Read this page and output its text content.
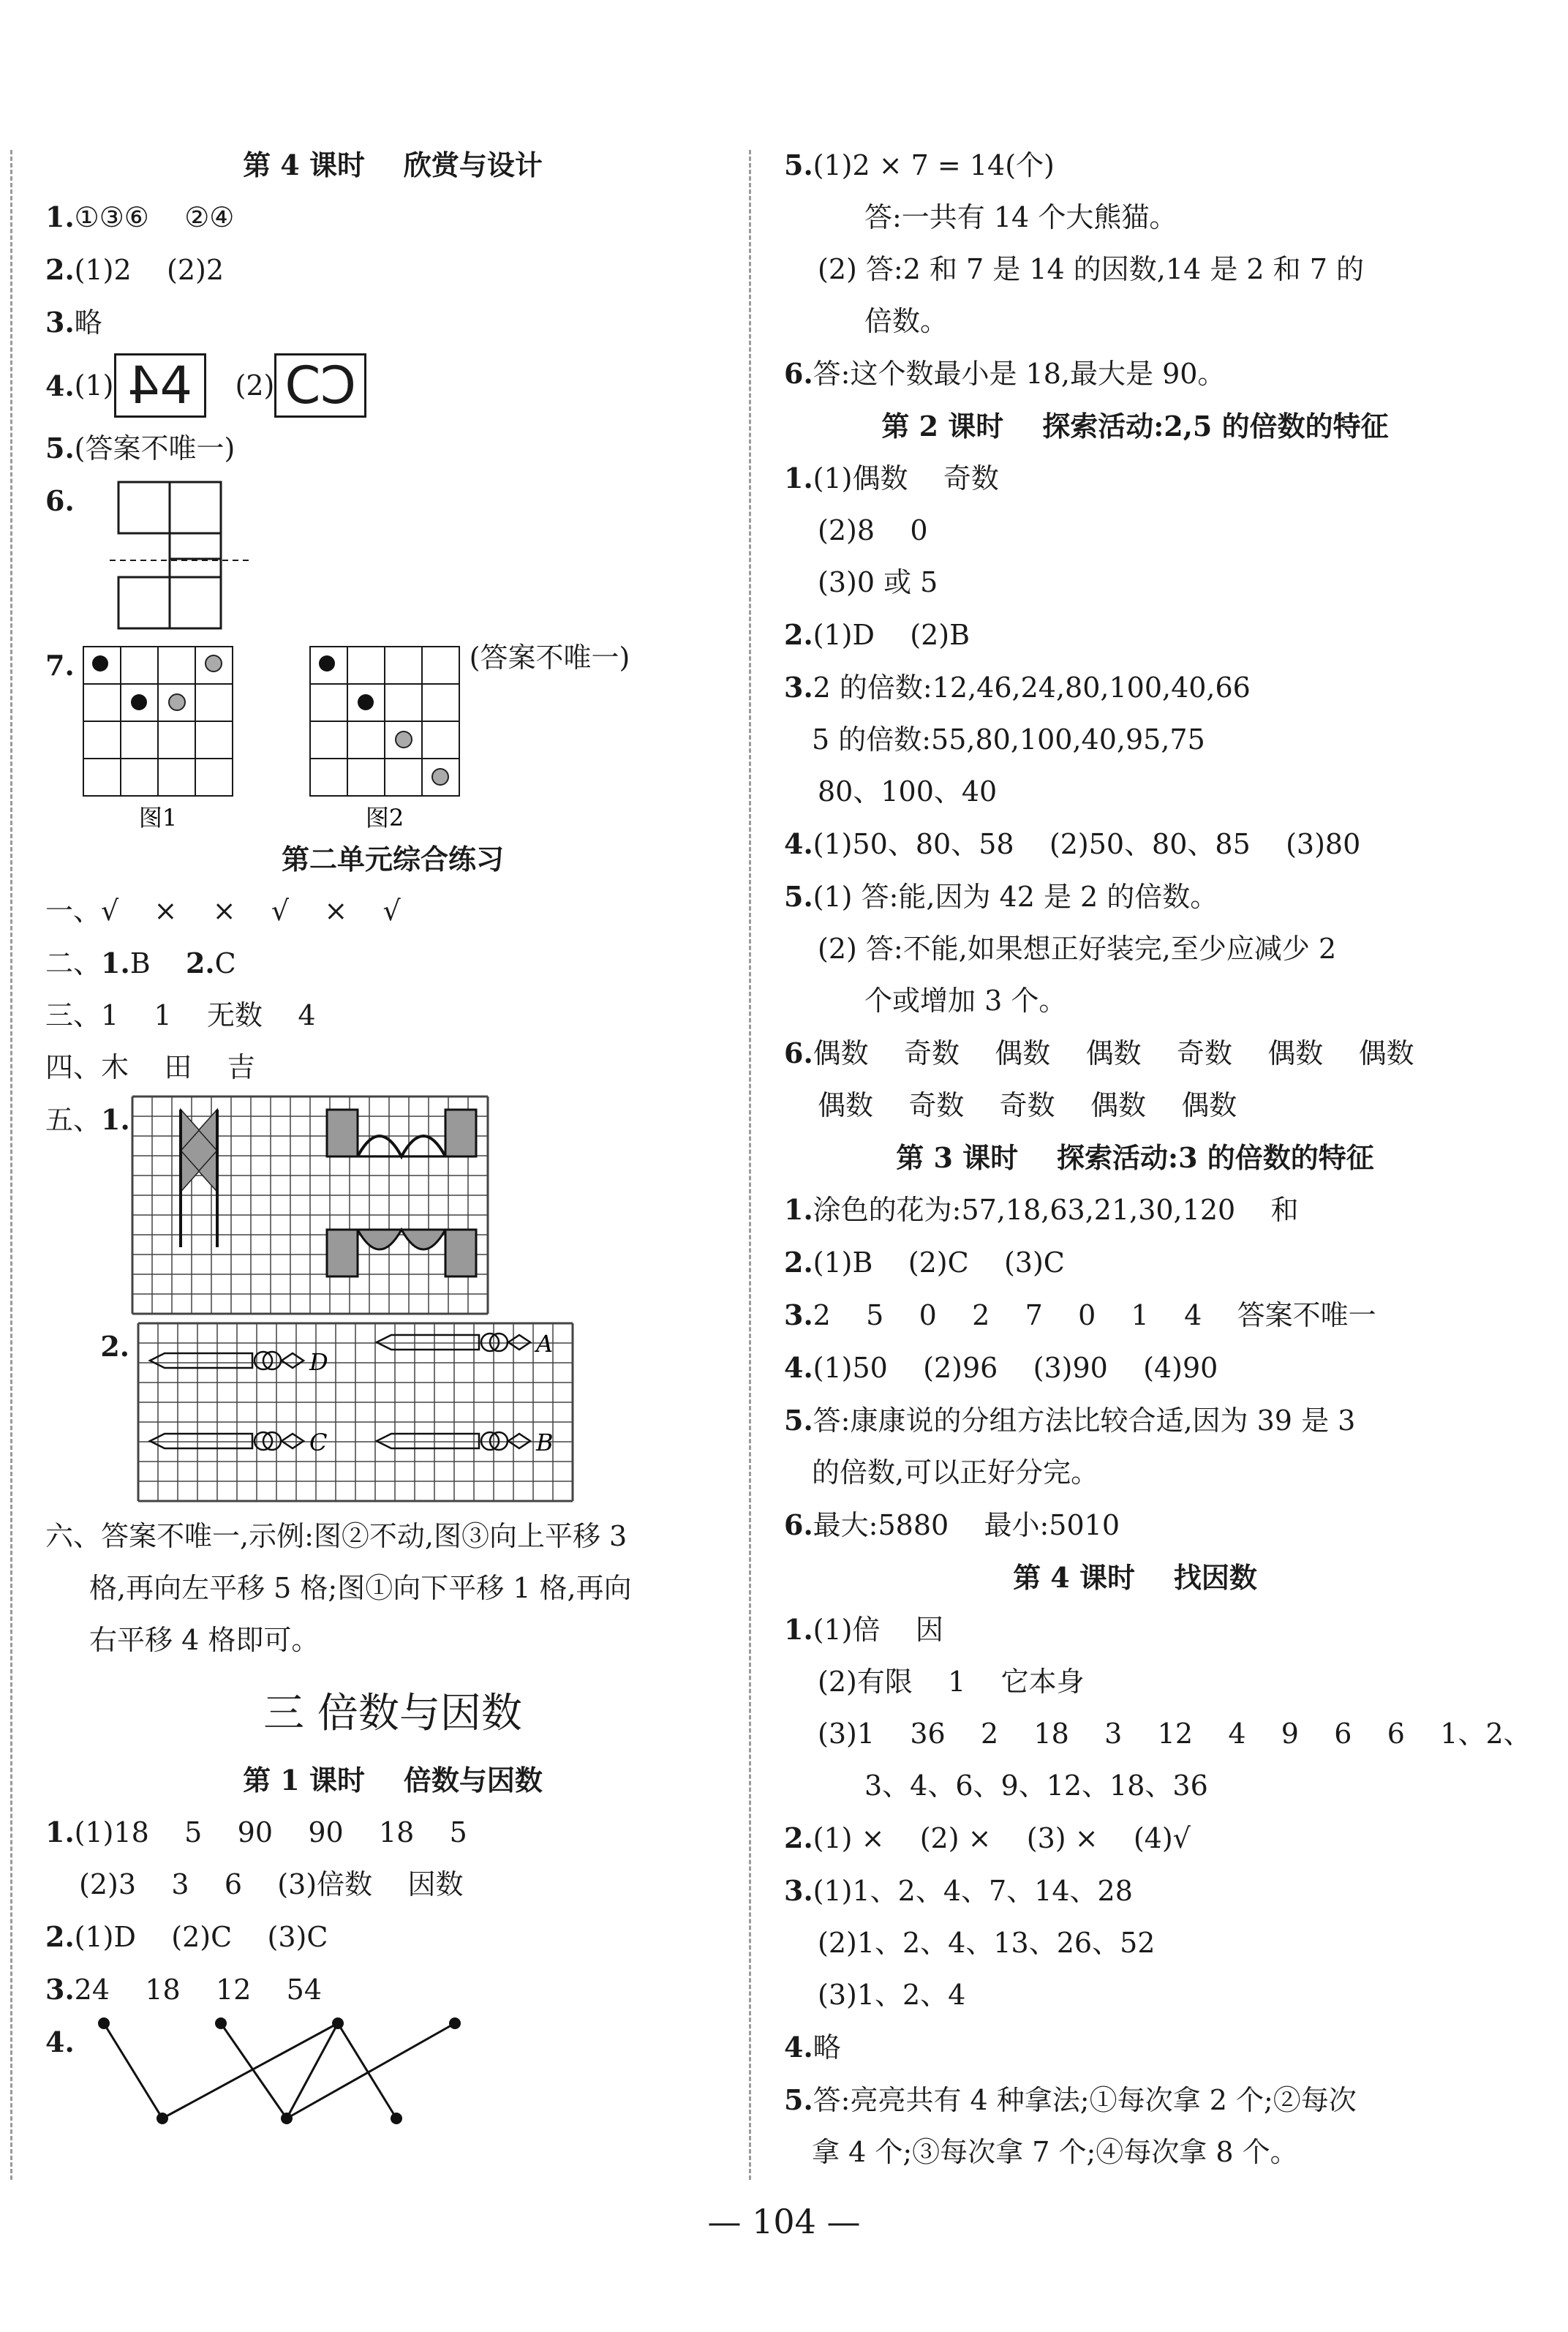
第 4 课时    欣赏与设计
1.①③⑥    ②④
2.(1)2    (2)2
3.略
4. (1) 4 4	(2) C C
5.(答案不唯一)
6.
7.
图1	图2
(答案不唯一)
第二单元综合练习
一、√    ×    ×    √    ×    √
二、1.B    2.C
三、1    1    无数    4
四、木    田    吉
五、1.
2.	D
A
C	B
六、答案不唯一,示例:图②不动,图③向上平移 3
格,再向左平移 5 格;图①向下平移 1 格,再向
右平移 4 格即可。
三 倍数与因数
第 1 课时    倍数与因数
1.(1)18    5    90    90    18    5
(2)3    3    6    (3)倍数    因数
2.(1)D    (2)C    (3)C
3.24    18    12    54
4.
5.(1)2 × 7 = 14(个)
答:一共有 14 个大熊猫。
(2) 答:2 和 7 是 14 的因数,14 是 2 和 7 的
倍数。
6.答:这个数最小是 18,最大是 90。
第 2 课时    探索活动:2,5 的倍数的特征
1.(1)偶数    奇数
(2)8    0
(3)0 或 5
2.(1)D    (2)B
3.2 的倍数:12,46,24,80,100,40,66
5 的倍数:55,80,100,40,95,75
80、100、40
4.(1)50、80、58    (2)50、80、85    (3)80
5.(1) 答:能,因为 42 是 2 的倍数。
(2) 答:不能,如果想正好装完,至少应减少 2
个或增加 3 个。
6.偶数    奇数    偶数    偶数    奇数    偶数    偶数
偶数    奇数    奇数    偶数    偶数
第 3 课时    探索活动:3 的倍数的特征
1.涂色的花为:57,18,63,21,30,120    和
2.(1)B    (2)C    (3)C
3.2    5    0    2    7    0    1    4    答案不唯一
4.(1)50    (2)96    (3)90    (4)90
5.答:康康说的分组方法比较合适,因为 39 是 3
的倍数,可以正好分完。
6.最大:5880    最小:5010
第 4 课时    找因数
1.(1)倍    因
(2)有限    1    它本身
(3)1    36    2    18    3    12    4    9    6    6    1、2、
3、4、6、9、12、18、36
2.(1) ×    (2) ×    (3) ×    (4)√
3.(1)1、2、4、7、14、28
(2)1、2、4、13、26、52
(3)1、2、4
4.略
5.答:亮亮共有 4 种拿法;①每次拿 2 个;②每次
拿 4 个;③每次拿 7 个;④每次拿 8 个。
— 104 —
